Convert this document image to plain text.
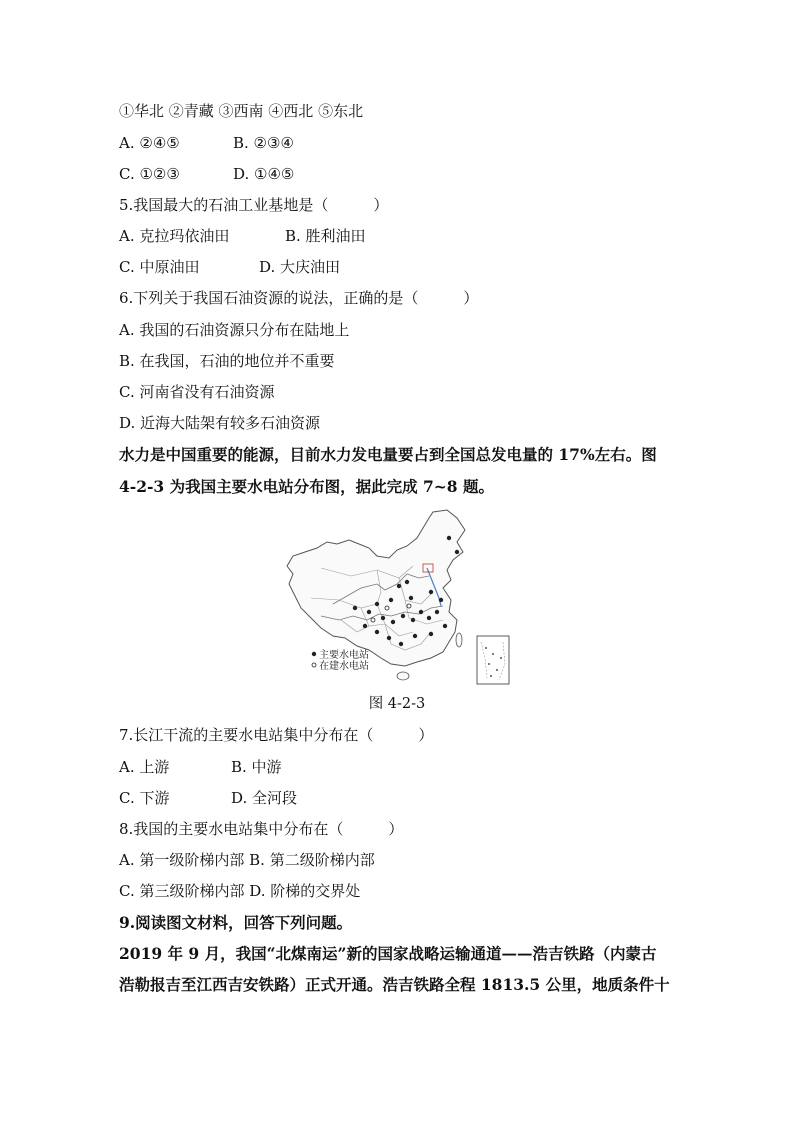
①华北 ②青藏 ③西南 ④西北 ⑤东北
A. ②④⑤	B. ②③④
C. ①②③	D. ①④⑤
5.我国最大的石油工业基地是（　　　）
A. 克拉玛依油田	B. 胜利油田
C. 中原油田	D. 大庆油田
6.下列关于我国石油资源的说法，正确的是（　　　）
A. 我国的石油资源只分布在陆地上
B. 在我国，石油的地位并不重要
C. 河南省没有石油资源
D. 近海大陆架有较多石油资源
水力是中国重要的能源，目前水力发电量要占到全国总发电量的 17%左右。图
4-2-3 为我国主要水电站分布图，据此完成 7~8 题。
主要水电站
在建水电站
图 4-2-3
7.长江干流的主要水电站集中分布在（　　　）
A. 上游	B. 中游
C. 下游	D. 全河段
8.我国的主要水电站集中分布在（　　　）
A. 第一级阶梯内部 B. 第二级阶梯内部
C. 第三级阶梯内部 D. 阶梯的交界处
9.阅读图文材料，回答下列问题。
2019 年 9 月，我国“北煤南运”新的国家战略运输通道——浩吉铁路（内蒙古
浩勒报吉至江西吉安铁路）正式开通。浩吉铁路全程 1813.5 公里，地质条件十
